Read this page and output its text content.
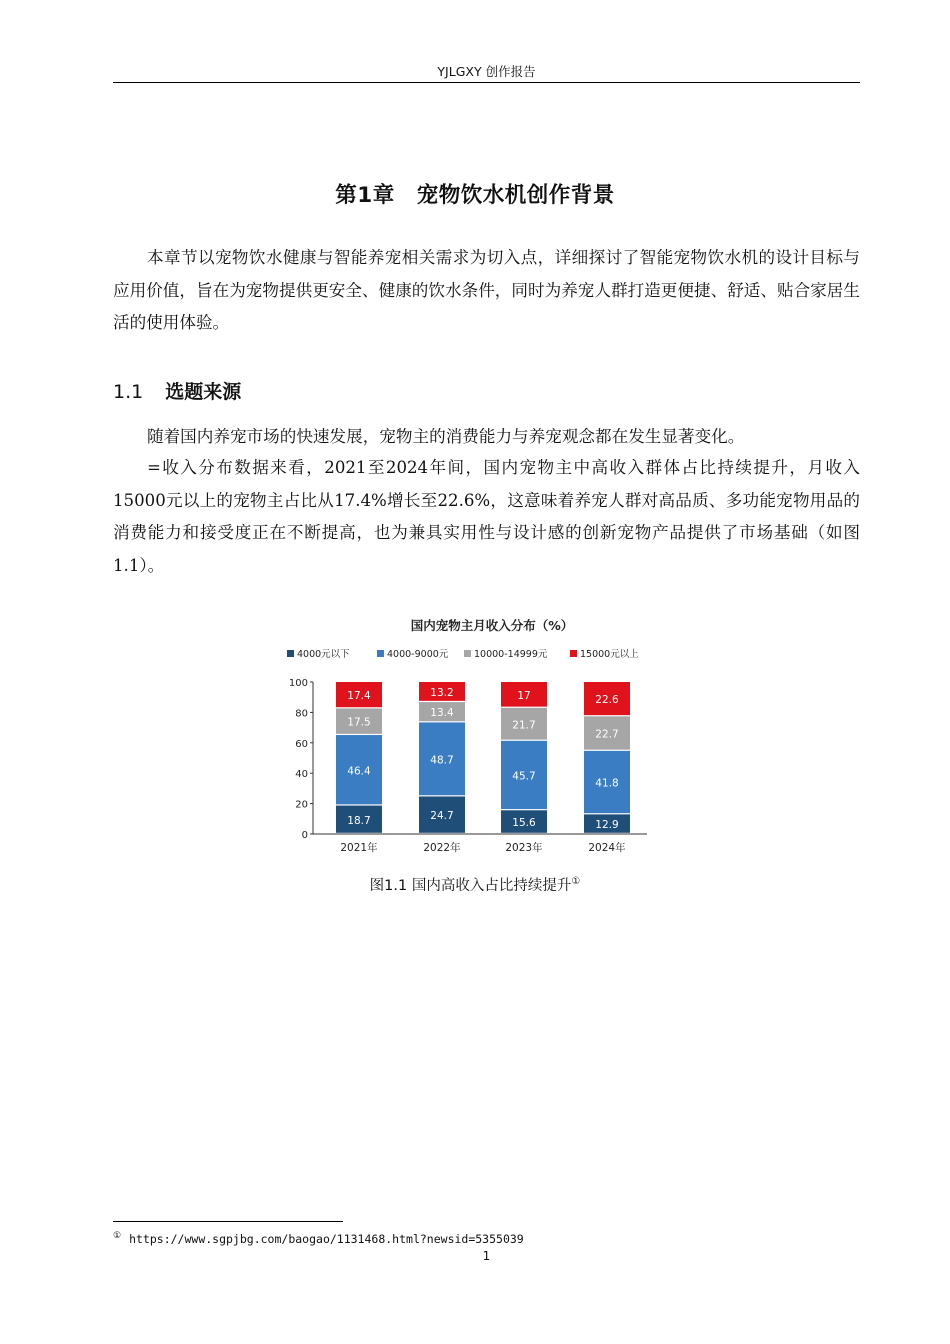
YJLGXY 创作报告
第1章 宠物饮水机创作背景

本章节以宠物饮水健康与智能养宠相关需求为切入点，详细探讨了智能宠物饮水机的设计目标与应用价值，旨在为宠物提供更安全、健康的饮水条件，同时为养宠人群打造更便捷、舒适、贴合家居生活的使用体验。

1.1 选题来源

随着国内养宠市场的快速发展，宠物主的消费能力与养宠观念都在发生显著变化。

=收入分布数据来看，2021至2024年间，国内宠物主中高收入群体占比持续提升，月收入15000元以上的宠物主占比从17.4%增长至22.6%，这意味着养宠人群对高品质、多功能宠物用品的消费能力和接受度正在不断提高，也为兼具实用性与设计感的创新宠物产品提供了市场基础（如图1.1）。

国内宠物主月收入分布（%）
4000元以下	4000-9000元	10000-14999元	15000元以上
0
20
40
60
80
100
18.7
46.4
17.5
17.4
2021年
24.7
48.7
13.4
13.2
2022年
15.6
45.7
21.7
17
2023年
12.9
41.8
22.7
22.6
2024年
图1.1 国内高收入占比持续提升①
① https://www.sgpjbg.com/baogao/1131468.html?newsid=5355039
1
